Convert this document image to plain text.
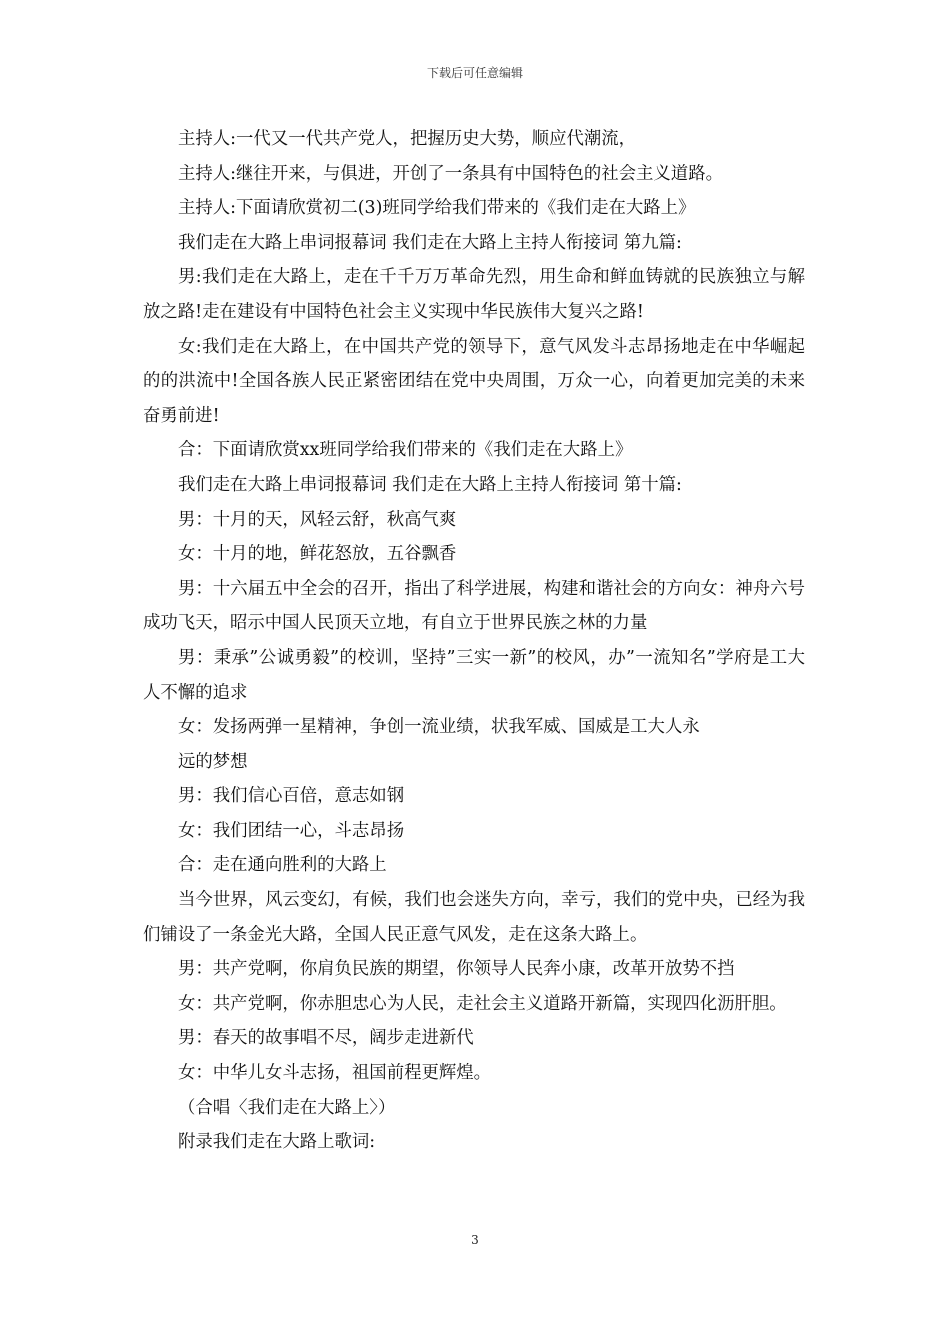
下载后可任意编辑

主持人:一代又一代共产党人，把握历史大势，顺应代潮流，

主持人:继往开来，与俱进，开创了一条具有中国特色的社会主义道路。

主持人:下面请欣赏初二(3)班同学给我们带来的《我们走在大路上》

我们走在大路上串词报幕词 我们走在大路上主持人衔接词 第九篇:

男:我们走在大路上，走在千千万万革命先烈，用生命和鲜血铸就的民族独立与解放之路!走在建设有中国特色社会主义实现中华民族伟大复兴之路!

女:我们走在大路上，在中国共产党的领导下，意气风发斗志昂扬地走在中华崛起的的洪流中!全国各族人民正紧密团结在党中央周围，万众一心，向着更加完美的未来奋勇前进!

合：下面请欣赏xx班同学给我们带来的《我们走在大路上》

我们走在大路上串词报幕词 我们走在大路上主持人衔接词 第十篇:

男：十月的天，风轻云舒，秋高气爽

女：十月的地，鲜花怒放，五谷飘香

男：十六届五中全会的召开，指出了科学进展，构建和谐社会的方向女：神舟六号成功飞天，昭示中国人民顶天立地，有自立于世界民族之林的力量

男：秉承”公诚勇毅”的校训，坚持”三实一新”的校风，办”一流知名”学府是工大人不懈的追求

女：发扬两弹一星精神，争创一流业绩，状我军威、国威是工大人永

远的梦想

男：我们信心百倍，意志如钢

女：我们团结一心，斗志昂扬

合：走在通向胜利的大路上

当今世界，风云变幻，有候，我们也会迷失方向，幸亏，我们的党中央，已经为我们铺设了一条金光大路，全国人民正意气风发，走在这条大路上。

男：共产党啊，你肩负民族的期望，你领导人民奔小康，改革开放势不挡

女：共产党啊，你赤胆忠心为人民，走社会主义道路开新篇，实现四化沥肝胆。

男：春天的故事唱不尽，阔步走进新代

女：中华儿女斗志扬，祖国前程更辉煌。

（合唱〈我们走在大路上〉）

附录我们走在大路上歌词:

3
